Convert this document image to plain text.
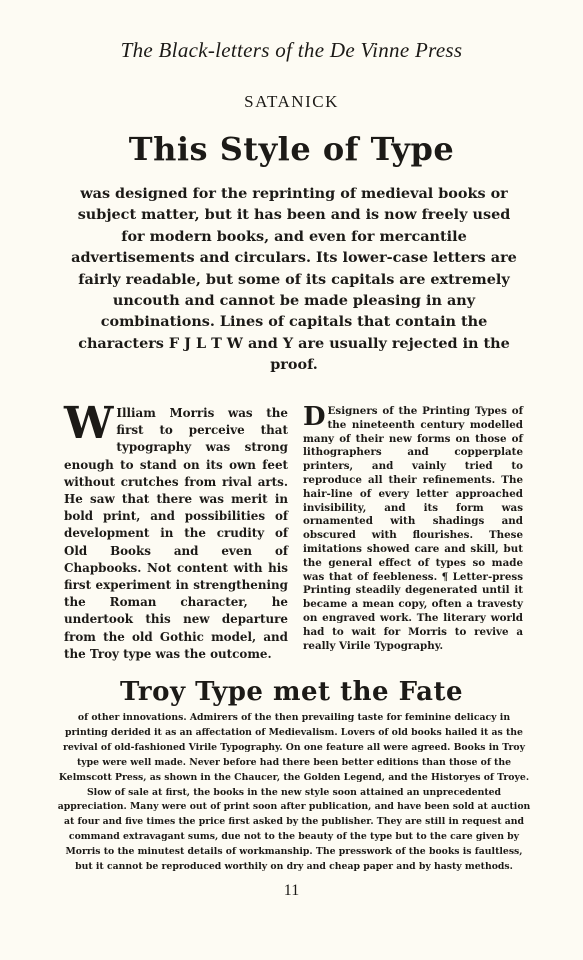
The Black-letters of the De Vinne Press
SATANICK
This Style of Type

was designed for the reprinting of medieval books or subject matter, but it has been and is now freely used for modern books, and even for mercantile advertisements and circulars. Its lower-case letters are fairly readable, but some of its capitals are extremely uncouth and cannot be made pleasing in any combinations. Lines of capitals that contain the characters F J L T W and Y are usually rejected in the proof.

W Illiam Morris was the first to perceive that typography was strong enough to stand on its own feet without crutches from rival arts. He saw that there was merit in bold print, and possibilities of development in the crudity of Old Books and even of Chapbooks. Not content with his first experiment in strengthening the Roman character, he undertook this new departure from the old Gothic model, and the Troy type was the outcome.

D Esigners of the Printing Types of the nineteenth century modelled many of their new forms on those of lithographers and copperplate printers, and vainly tried to reproduce all their refinements. The hair-line of every letter approached invisibility, and its form was ornamented with shadings and obscured with flourishes. These imitations showed care and skill, but the general effect of types so made was that of feebleness. ¶ Letter-press Printing steadily degenerated until it became a mean copy, often a travesty on engraved work. The literary world had to wait for Morris to revive a really Virile Typography.

Troy Type met the Fate

of other innovations. Admirers of the then prevailing taste for feminine delicacy in printing derided it as an affectation of Medievalism. Lovers of old books hailed it as the revival of old-fashioned Virile Typography. On one feature all were agreed. Books in Troy type were well made. Never before had there been better editions than those of the Kelmscott Press, as shown in the Chaucer, the Golden Legend, and the Historyes of Troye. Slow of sale at first, the books in the new style soon attained an unprecedented appreciation. Many were out of print soon after publication, and have been sold at auction at four and five times the price first asked by the publisher. They are still in request and command extravagant sums, due not to the beauty of the type but to the care given by Morris to the minutest details of workmanship. The presswork of the books is faultless, but it cannot be reproduced worthily on dry and cheap paper and by hasty methods.

11
